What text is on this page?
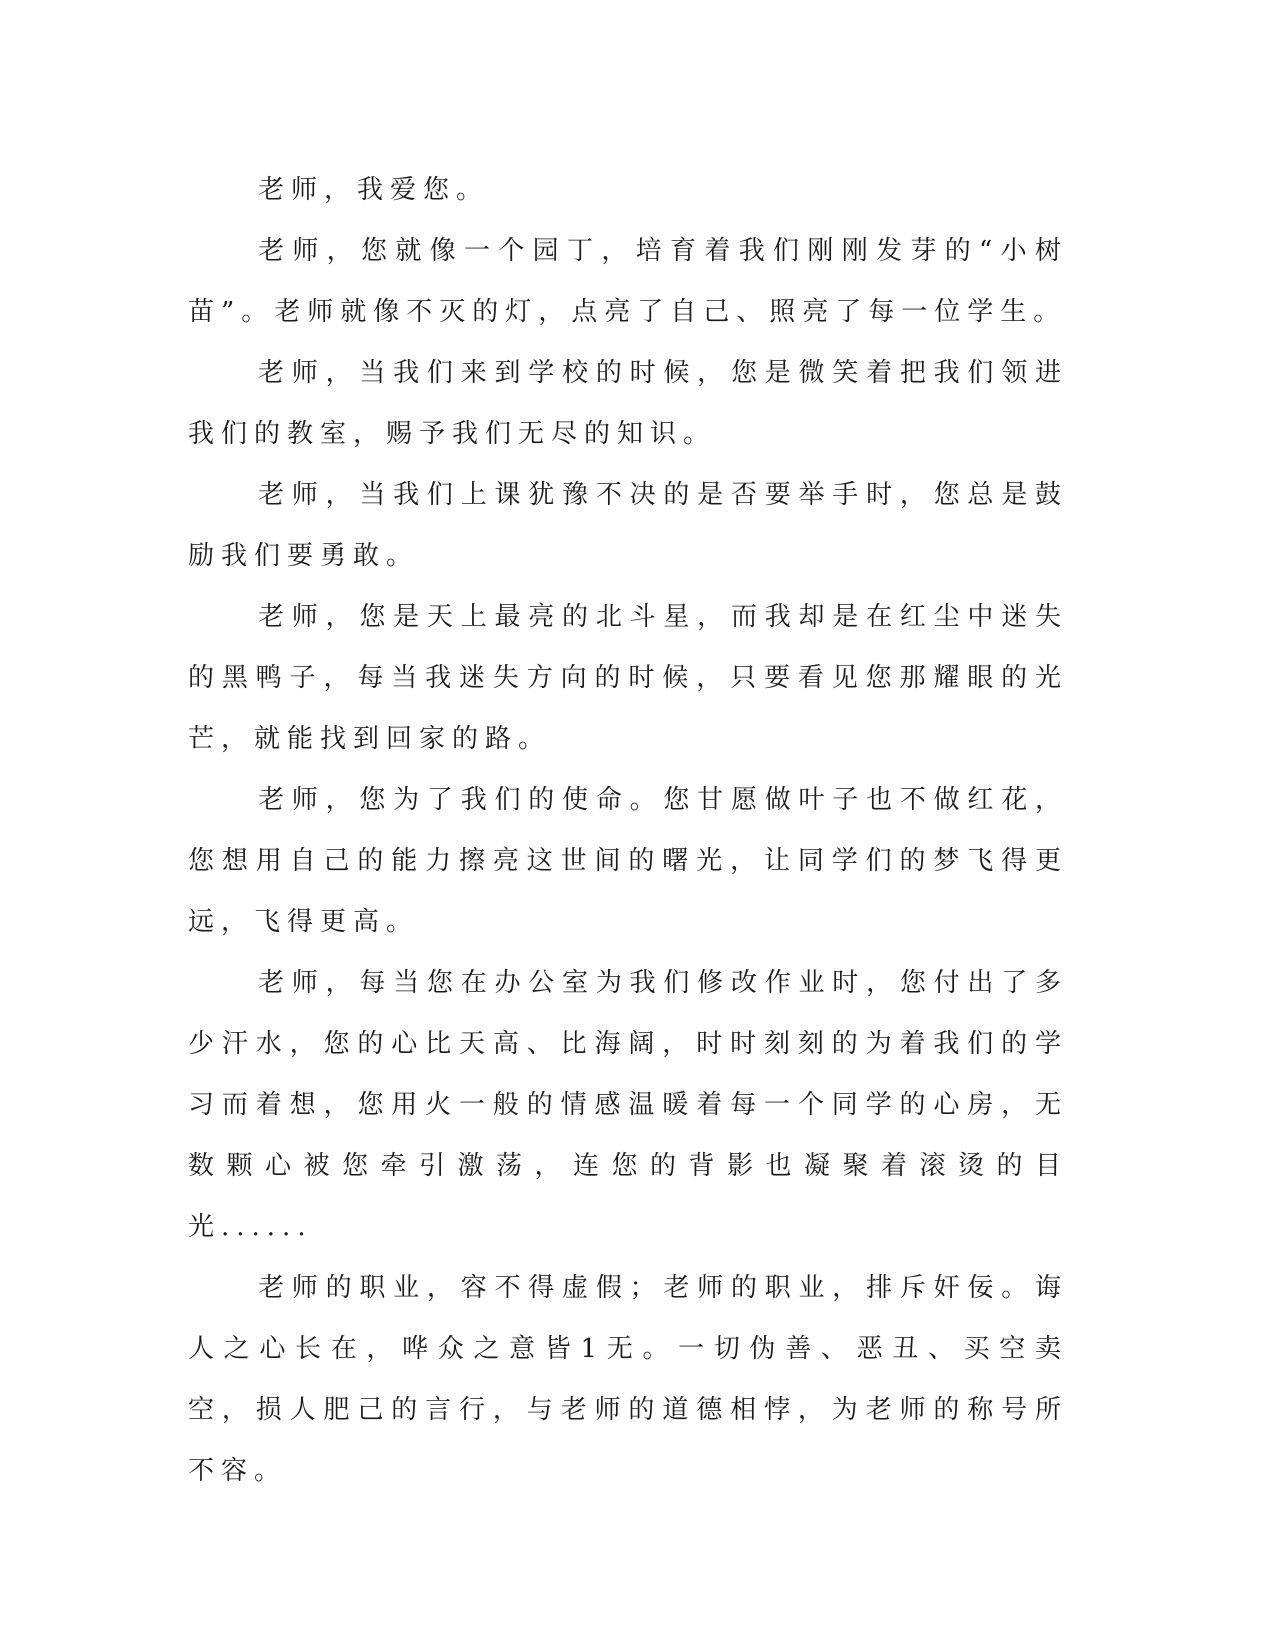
老师，我爱您。

老师，您就像一个园丁，培育着我们刚刚发芽的“小树苗”。老师就像不灭的灯，点亮了自己、照亮了每一位学生。

老师，当我们来到学校的时候，您是微笑着把我们领进我们的教室，赐予我们无尽的知识。

老师，当我们上课犹豫不决的是否要举手时，您总是鼓励我们要勇敢。

老师，您是天上最亮的北斗星，而我却是在红尘中迷失的黑鸭子，每当我迷失方向的时候，只要看见您那耀眼的光芒，就能找到回家的路。

老师，您为了我们的使命。您甘愿做叶子也不做红花，您想用自己的能力擦亮这世间的曙光，让同学们的梦飞得更远，飞得更高。

老师，每当您在办公室为我们修改作业时，您付出了多少汗水，您的心比天高、比海阔，时时刻刻的为着我们的学习而着想，您用火一般的情感温暖着每一个同学的心房，无数颗心被您牵引激荡，连您的背影也凝聚着滚烫的目光......

老师的职业，容不得虚假；老师的职业，排斥奸佞。诲人之心长在，哗众之意皆1无。一切伪善、恶丑、买空卖空，损人肥己的言行，与老师的道德相悖，为老师的称号所不容。
